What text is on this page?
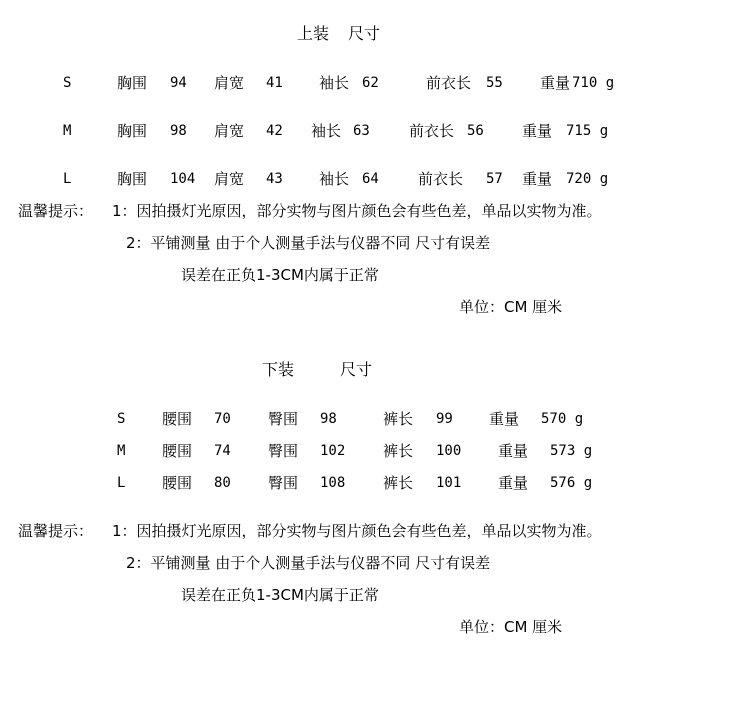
上装 尺寸
S	胸围 94 肩宽 41 袖长 62	前衣长 55 重量 710 g
M	胸围 98 肩宽 42 袖长 63	前衣长 56	重量 715 g
L	胸围 104 肩宽 43 袖长 64	前衣长 57 重量 720 g
温馨提示： 1：因拍摄灯光原因，部分实物与图片颜色会有些色差，单品以实物为准。
2：平铺测量 由于个人测量手法与仪器不同 尺寸有误差
误差在正负1-3CM内属于正常
单位：CM 厘米
下装	尺寸
S 腰围 70 臀围 98	裤长 99 重量 570 g
M 腰围 74 臀围 102	裤长 100 重量 573 g
L 腰围 80 臀围 108	裤长 101 重量 576 g
温馨提示： 1：因拍摄灯光原因，部分实物与图片颜色会有些色差，单品以实物为准。
2：平铺测量 由于个人测量手法与仪器不同 尺寸有误差
误差在正负1-3CM内属于正常
单位：CM 厘米
